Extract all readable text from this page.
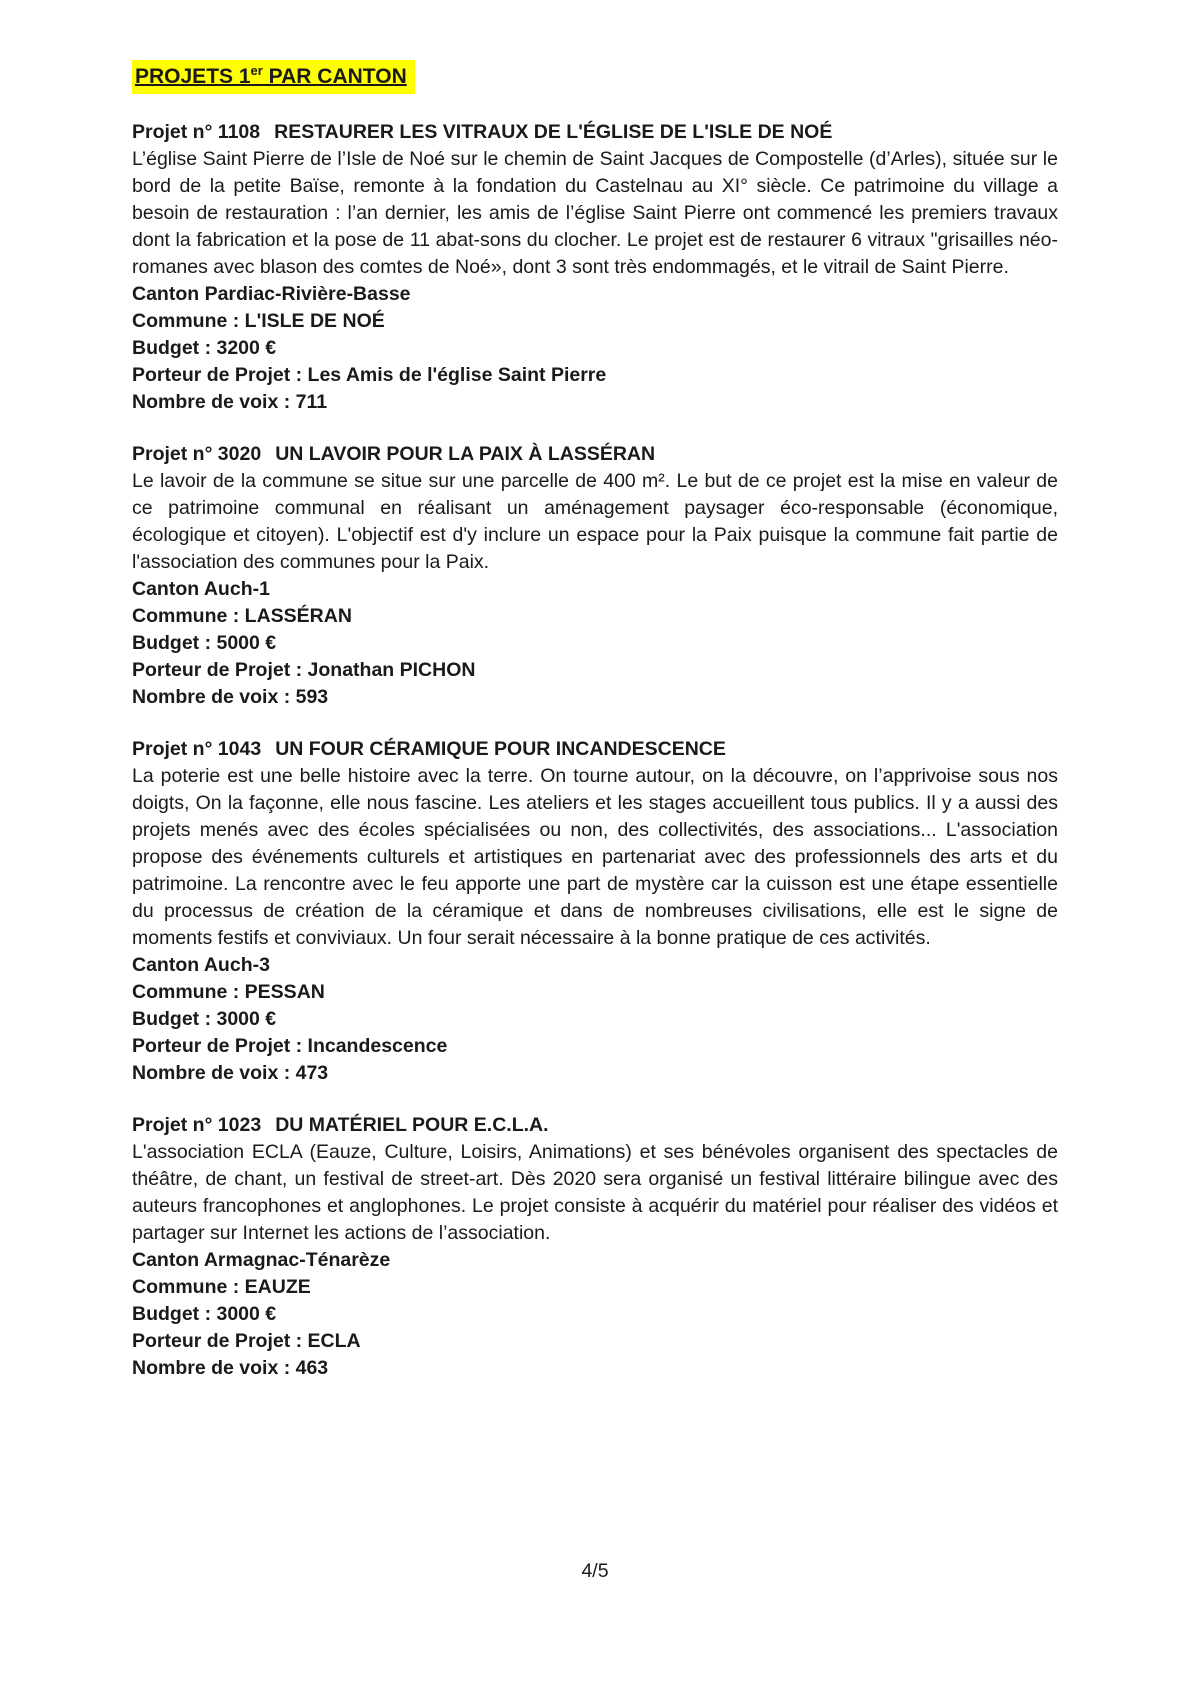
PROJETS 1er PAR CANTON
Projet n° 1108 RESTAURER LES VITRAUX DE L'ÉGLISE DE L'ISLE DE NOÉ
L’église Saint Pierre de l’Isle de Noé sur le chemin de Saint Jacques de Compostelle (d’Arles), située sur le bord de la petite Baïse, remonte à la fondation du Castelnau au XI° siècle. Ce patrimoine du village a besoin de restauration : l’an dernier, les amis de l’église Saint Pierre ont commencé les premiers travaux dont la fabrication et la pose de 11 abat-sons du clocher. Le projet est de restaurer 6 vitraux "grisailles néo-romanes avec blason des comtes de Noé», dont 3 sont très endommagés, et le vitrail de Saint Pierre.
Canton Pardiac-Rivière-Basse
Commune : L'ISLE DE NOÉ
Budget : 3200 €
Porteur de Projet : Les Amis de l'église Saint Pierre
Nombre de voix : 711
Projet n° 3020 UN LAVOIR POUR LA PAIX À LASSÉRAN
Le lavoir de la commune se situe sur une parcelle de 400 m². Le but de ce projet est la mise en valeur de ce patrimoine communal en réalisant un aménagement paysager éco-responsable (économique, écologique et citoyen). L'objectif est d'y inclure un espace pour la Paix puisque la commune fait partie de l'association des communes pour la Paix.
Canton Auch-1
Commune : LASSÉRAN
Budget : 5000 €
Porteur de Projet : Jonathan PICHON
Nombre de voix : 593
Projet n° 1043 UN FOUR CÉRAMIQUE POUR INCANDESCENCE
La poterie est une belle histoire avec la terre. On tourne autour, on la découvre, on l’apprivoise sous nos doigts, On la façonne, elle nous fascine. Les ateliers et les stages accueillent tous publics. Il y a aussi des projets menés avec des écoles spécialisées ou non, des collectivités, des associations... L'association propose des événements culturels et artistiques en partenariat avec des professionnels des arts et du patrimoine. La rencontre avec le feu apporte une part de mystère car la cuisson est une étape essentielle du processus de création de la céramique et dans de nombreuses civilisations, elle est le signe de moments festifs et conviviaux. Un four serait nécessaire à la bonne pratique de ces activités.
Canton Auch-3
Commune : PESSAN
Budget : 3000 €
Porteur de Projet : Incandescence
Nombre de voix : 473
Projet n° 1023 DU MATÉRIEL POUR E.C.L.A.
L'association ECLA (Eauze, Culture, Loisirs, Animations) et ses bénévoles organisent des spectacles de théâtre, de chant, un festival de street-art. Dès 2020 sera organisé un festival littéraire bilingue avec des auteurs francophones et anglophones. Le projet consiste à acquérir du matériel pour réaliser des vidéos et partager sur Internet les actions de l’association.
Canton Armagnac-Ténarèze
Commune : EAUZE
Budget : 3000 €
Porteur de Projet : ECLA
Nombre de voix : 463
4/5
